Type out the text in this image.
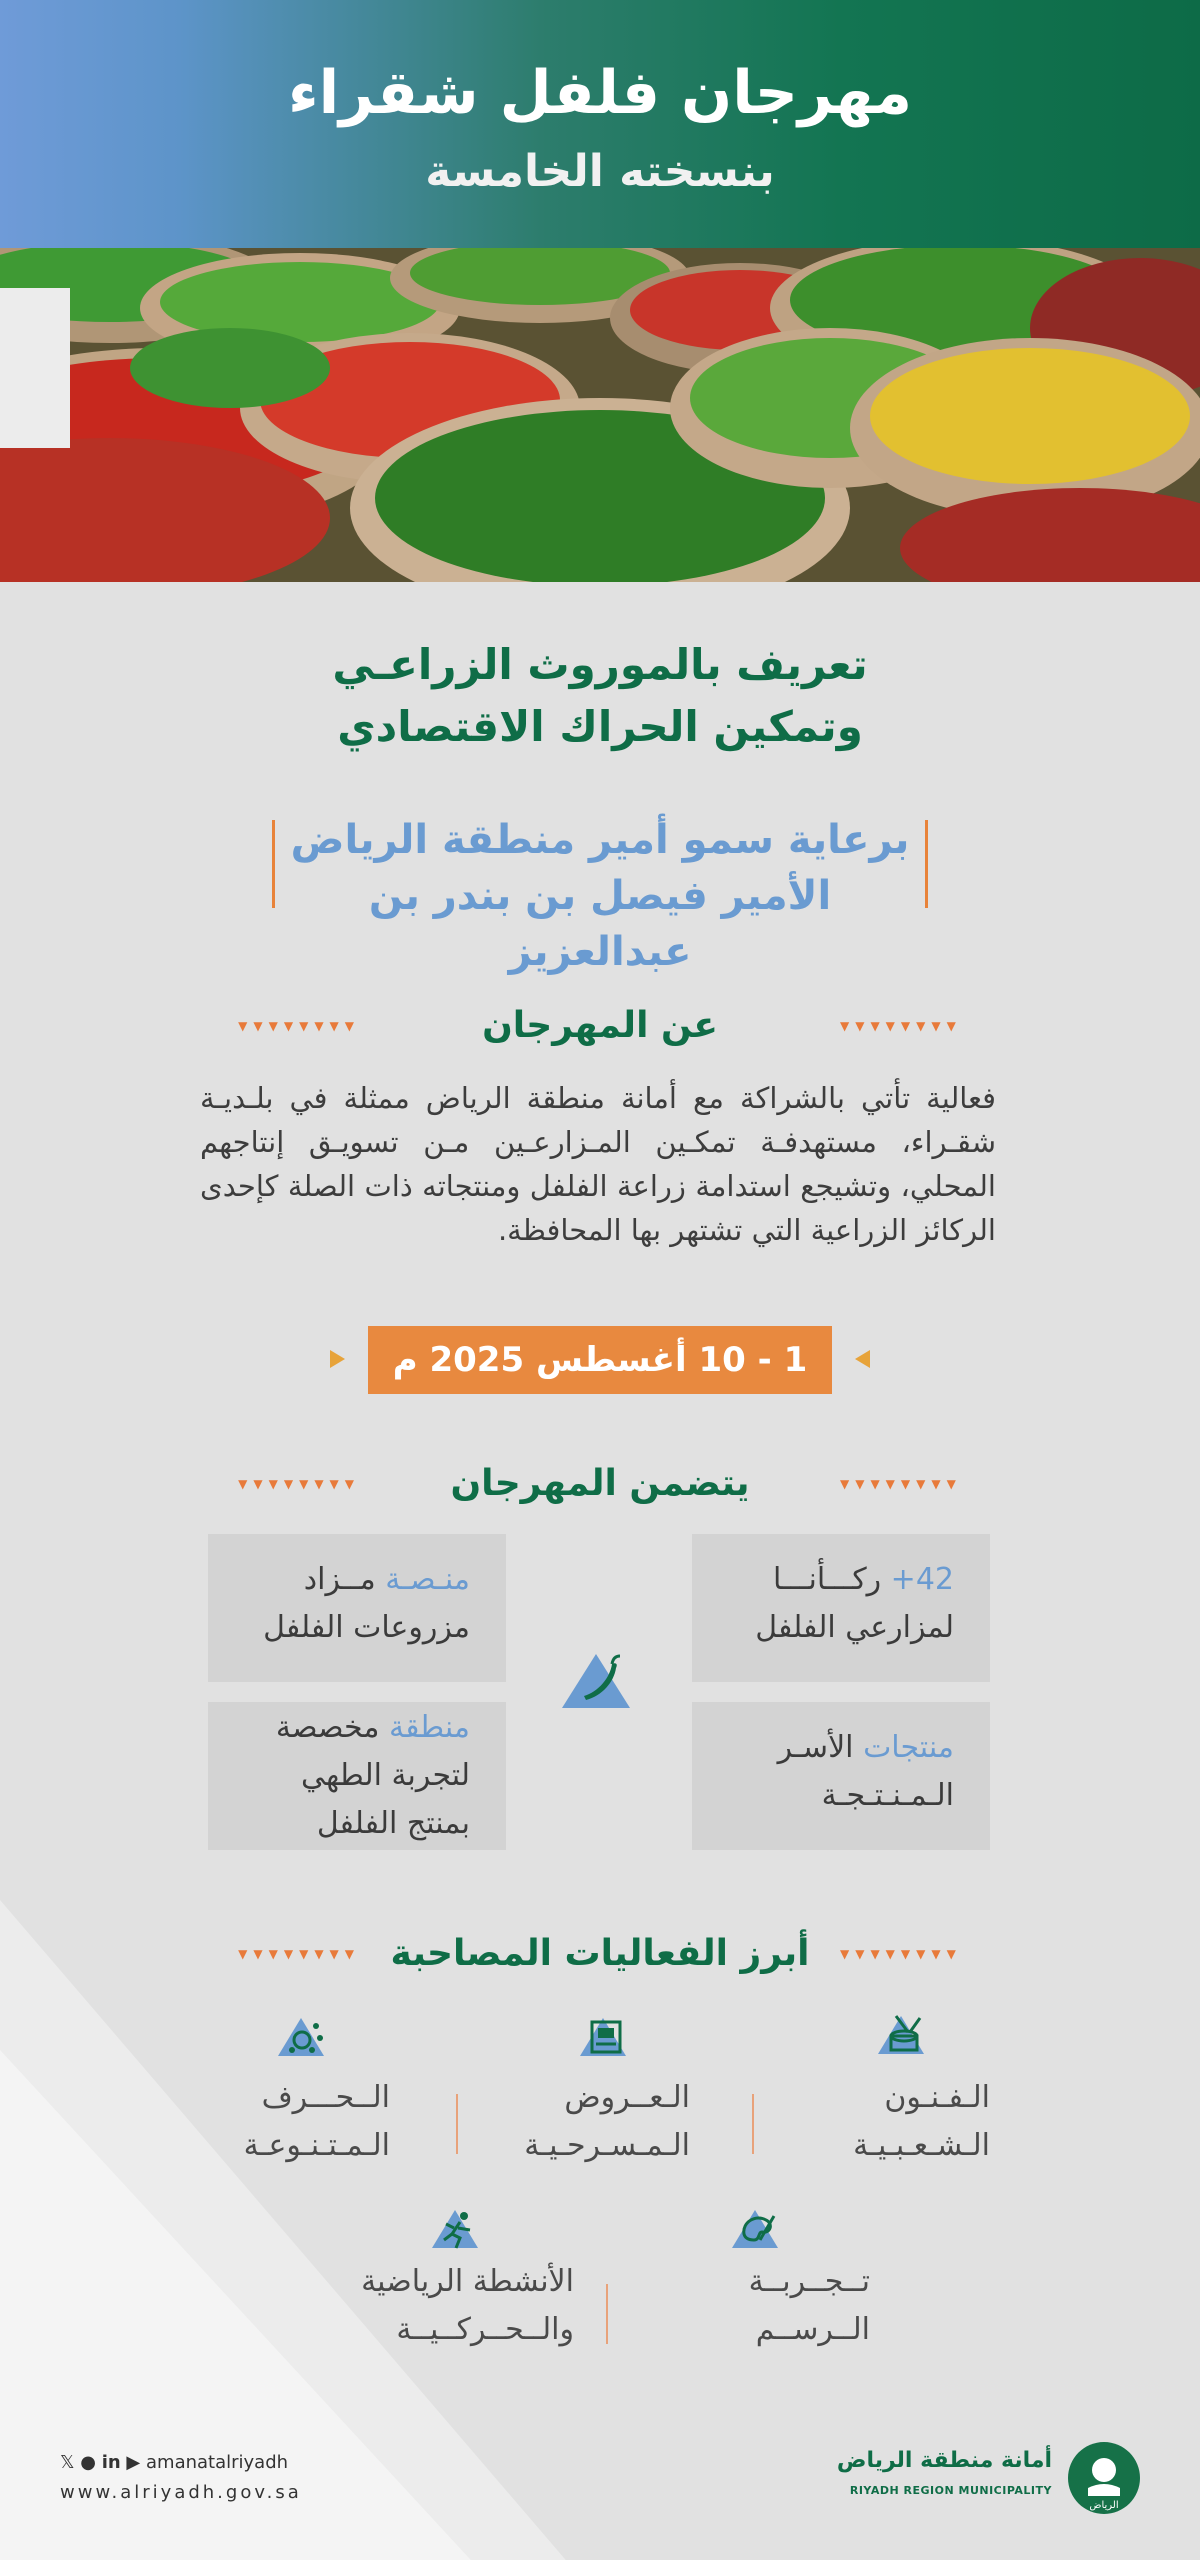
مهرجان فلفل شقراء
بنسخته الخامسة
تعريف بالموروث الزراعـي
وتمكين الحراك الاقتصادي
برعاية سمو أمير منطقة الرياض
الأمير فيصل بن بندر بن عبدالعزيز
▼▼▼▼▼▼▼▼
عن المهرجان
▼▼▼▼▼▼▼▼

فعالية تأتي بالشراكة مع أمانة منطقة الرياض ممثلة في بلـديـة شقـراء، مستهدفـة تمكـين المـزارعـين مـن تسويـق إنتاجهم المحلي، وتشيجع استدامة زراعة الفلفل ومنتجاته ذات الصلة كإحدى الركائز الزراعية التي تشتهر بها المحافظة.

1 - 10 أغسطس 2025 م
▼▼▼▼▼▼▼▼
يتضمن المهرجان
▼▼▼▼▼▼▼▼
42+ ركـــأنـــا
لمزارعي الفلفل
منـصـة مــزاد
مزروعات الفلفل
منتجات الأسـر
الـمـنـتـجـة
منطقة مخصصة
لتجربة الطهي
بمنتج الفلفل
▼▼▼▼▼▼▼▼
أبرز الفعاليات المصاحبة
▼▼▼▼▼▼▼▼
الـفـنـون
الـشـعـبـيـة
الـعــروض
الـمـسـرحـيـة
الــحـــرف
الـمـتـنـوعـة
تــجــربــة
الــرســم
الأنشطة الرياضية
والــحــركــيــة
𝕏 ● in ▶ amanatalriyadh
www.alriyadh.gov.sa
أمانة منطقة الرياض
RIYADH REGION MUNICIPALITY
الرياض
